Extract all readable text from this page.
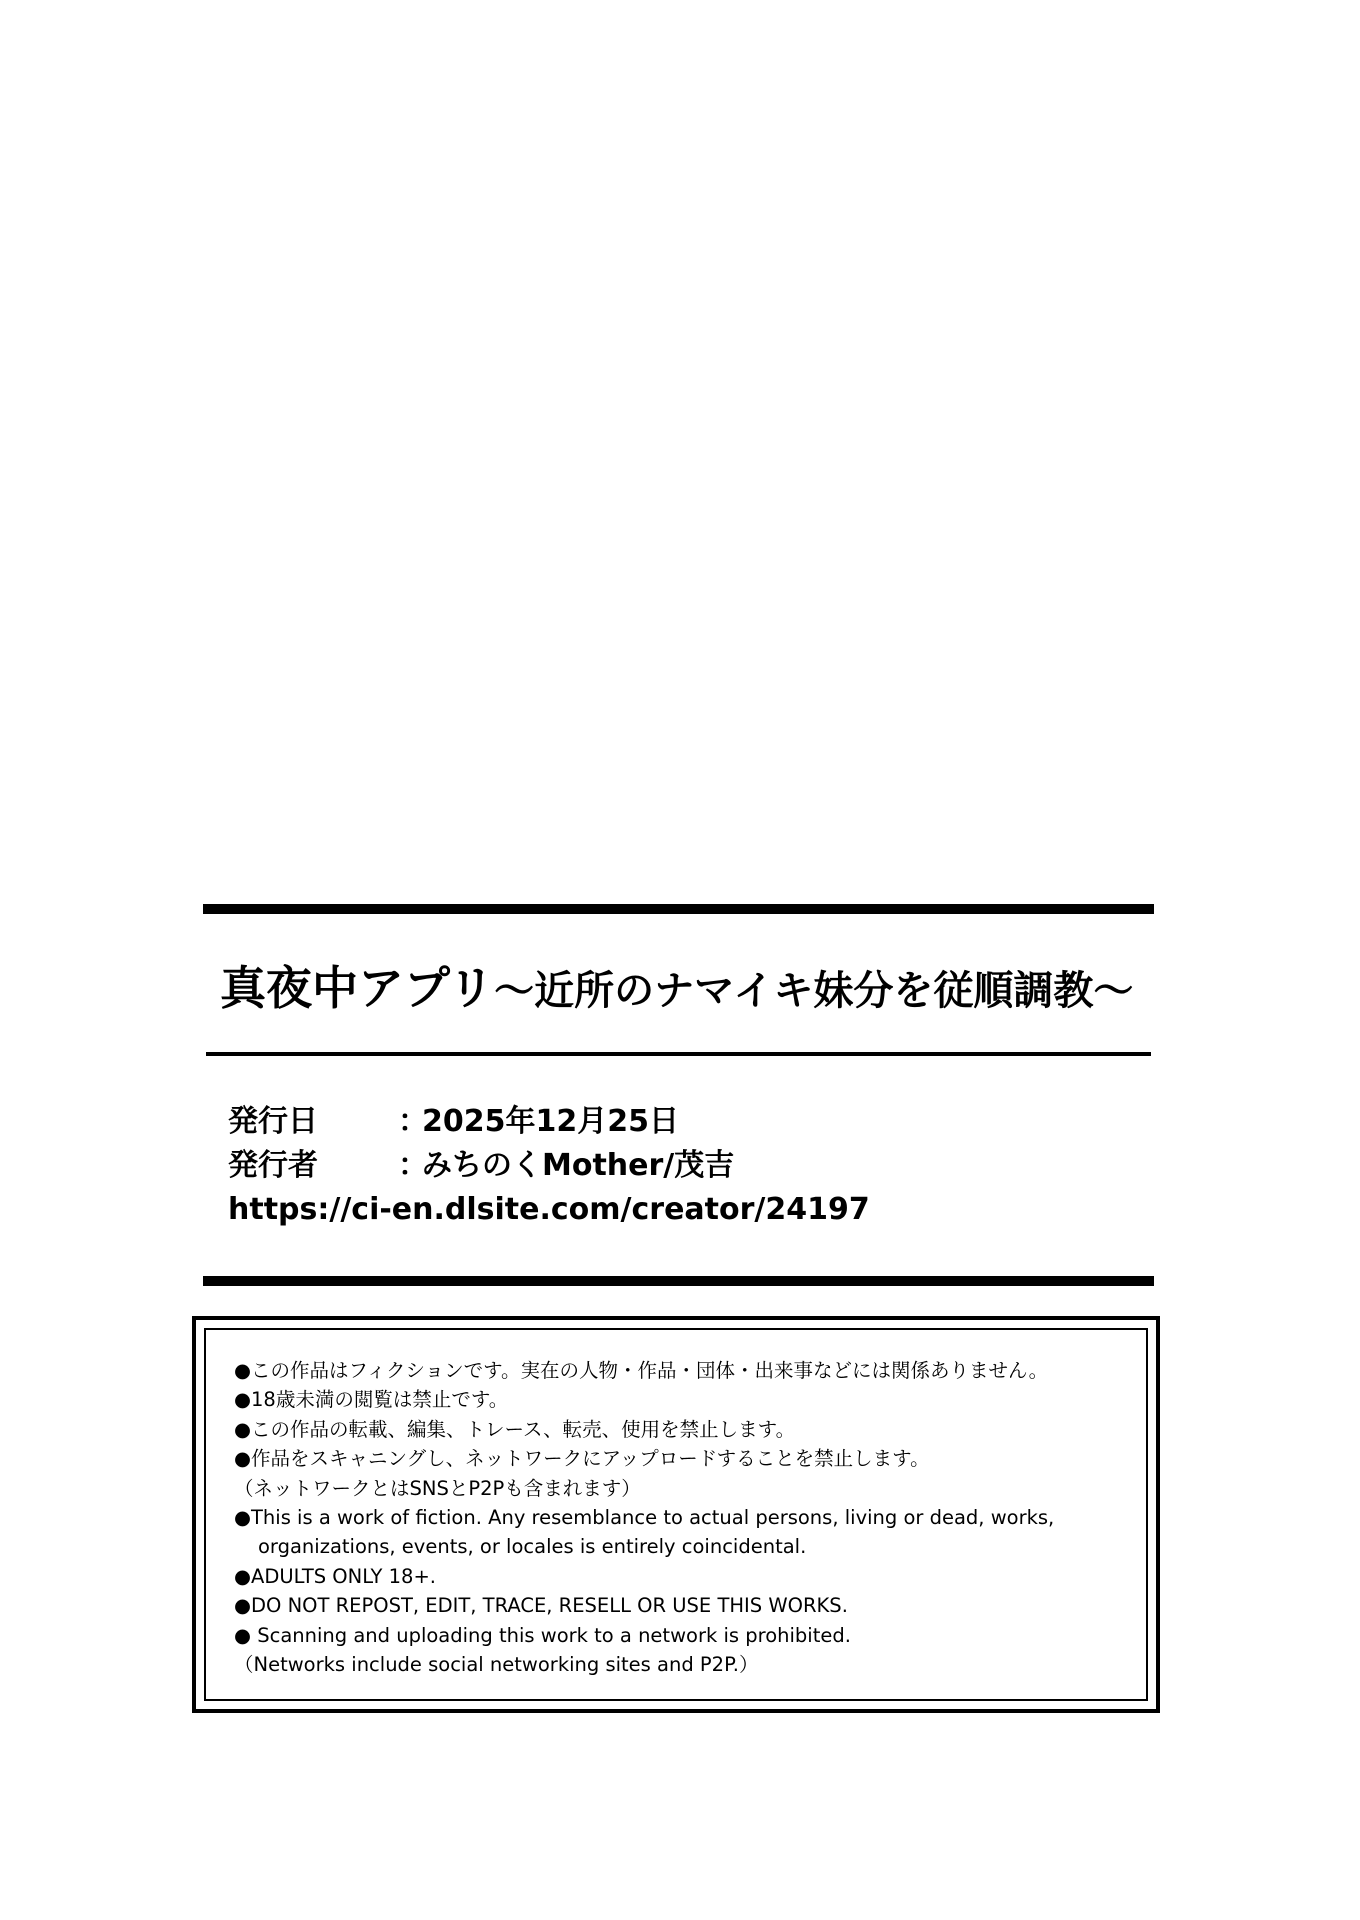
真夜中アプリ〜近所のナマイキ妹分を従順調教〜
発行日	：
2025年12月25日
発行者	：
みちのくMother/茂吉
https://ci-en.dlsite.com/creator/24197
●この作品はフィクションです。実在の人物・作品・団体・出来事などには関係ありません。
●18歳未満の閲覧は禁止です。
●この作品の転載、編集、トレース、転売、使用を禁止します。
●作品をスキャニングし、ネットワークにアップロードすることを禁止します。
（ネットワークとはSNSとP2Pも含まれます）
●This is a work of fiction. Any resemblance to actual persons, living or dead, works,
organizations, events, or locales is entirely coincidental.
●ADULTS ONLY 18+.
●DO NOT REPOST, EDIT, TRACE, RESELL OR USE THIS WORKS.
● Scanning and uploading this work to a network is prohibited.
（Networks include social networking sites and P2P.）
